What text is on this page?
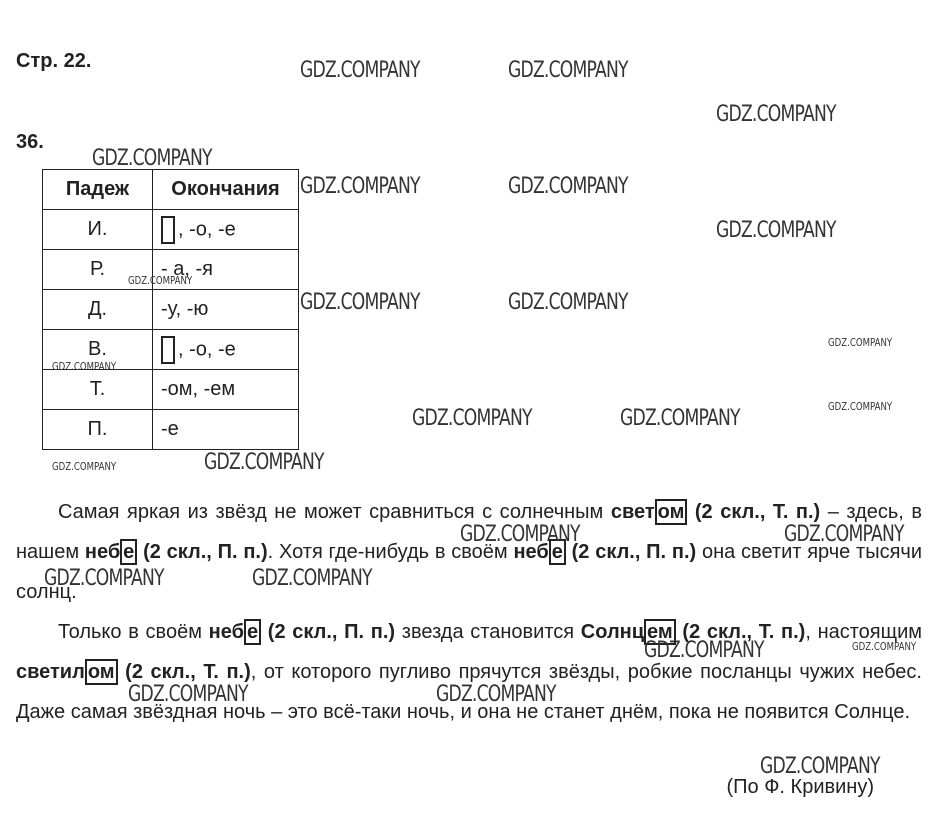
Стр. 22.
36.
Падеж	Окончания
И.	, -о, -е
Р.	- а, -я
Д.	-у, -ю
В.	, -о, -е
Т.	-ом, -ем
П.	-е

Самая яркая из звёзд не может сравниться с солнечным свет ом (2 скл., Т. п.) – здесь, в нашем неб е (2 скл., П. п.). Хотя где-нибудь в своём неб е (2 скл., П. п.) она светит ярче тысячи солнц.

Только в своём неб е (2 скл., П. п.) звезда становится Солнц ем (2 скл., Т. п.), настоящим светил ом (2 скл., Т. п.), от которого пугливо прячутся звёзды, робкие посланцы чужих небес. Даже самая звёздная ночь – это всё-таки ночь, и она не станет днём, пока не появится Солнце.

(По Ф. Кривину)
GDZ.COMPANY	GDZ.COMPANY
GDZ.COMPANY
GDZ.COMPANY
GDZ.COMPANY	GDZ.COMPANY
GDZ.COMPANY
GDZ.COMPANY
GDZ.COMPANY	GDZ.COMPANY
GDZ.COMPANY
GDZ.COMPANY
GDZ.COMPANY
GDZ.COMPANY	GDZ.COMPANY
GDZ.COMPANY	GDZ.COMPANY
GDZ.COMPANY	GDZ.COMPANY
GDZ.COMPANY	GDZ.COMPANY
GDZ.COMPANY
GDZ.COMPANY
GDZ.COMPANY	GDZ.COMPANY
GDZ.COMPANY
